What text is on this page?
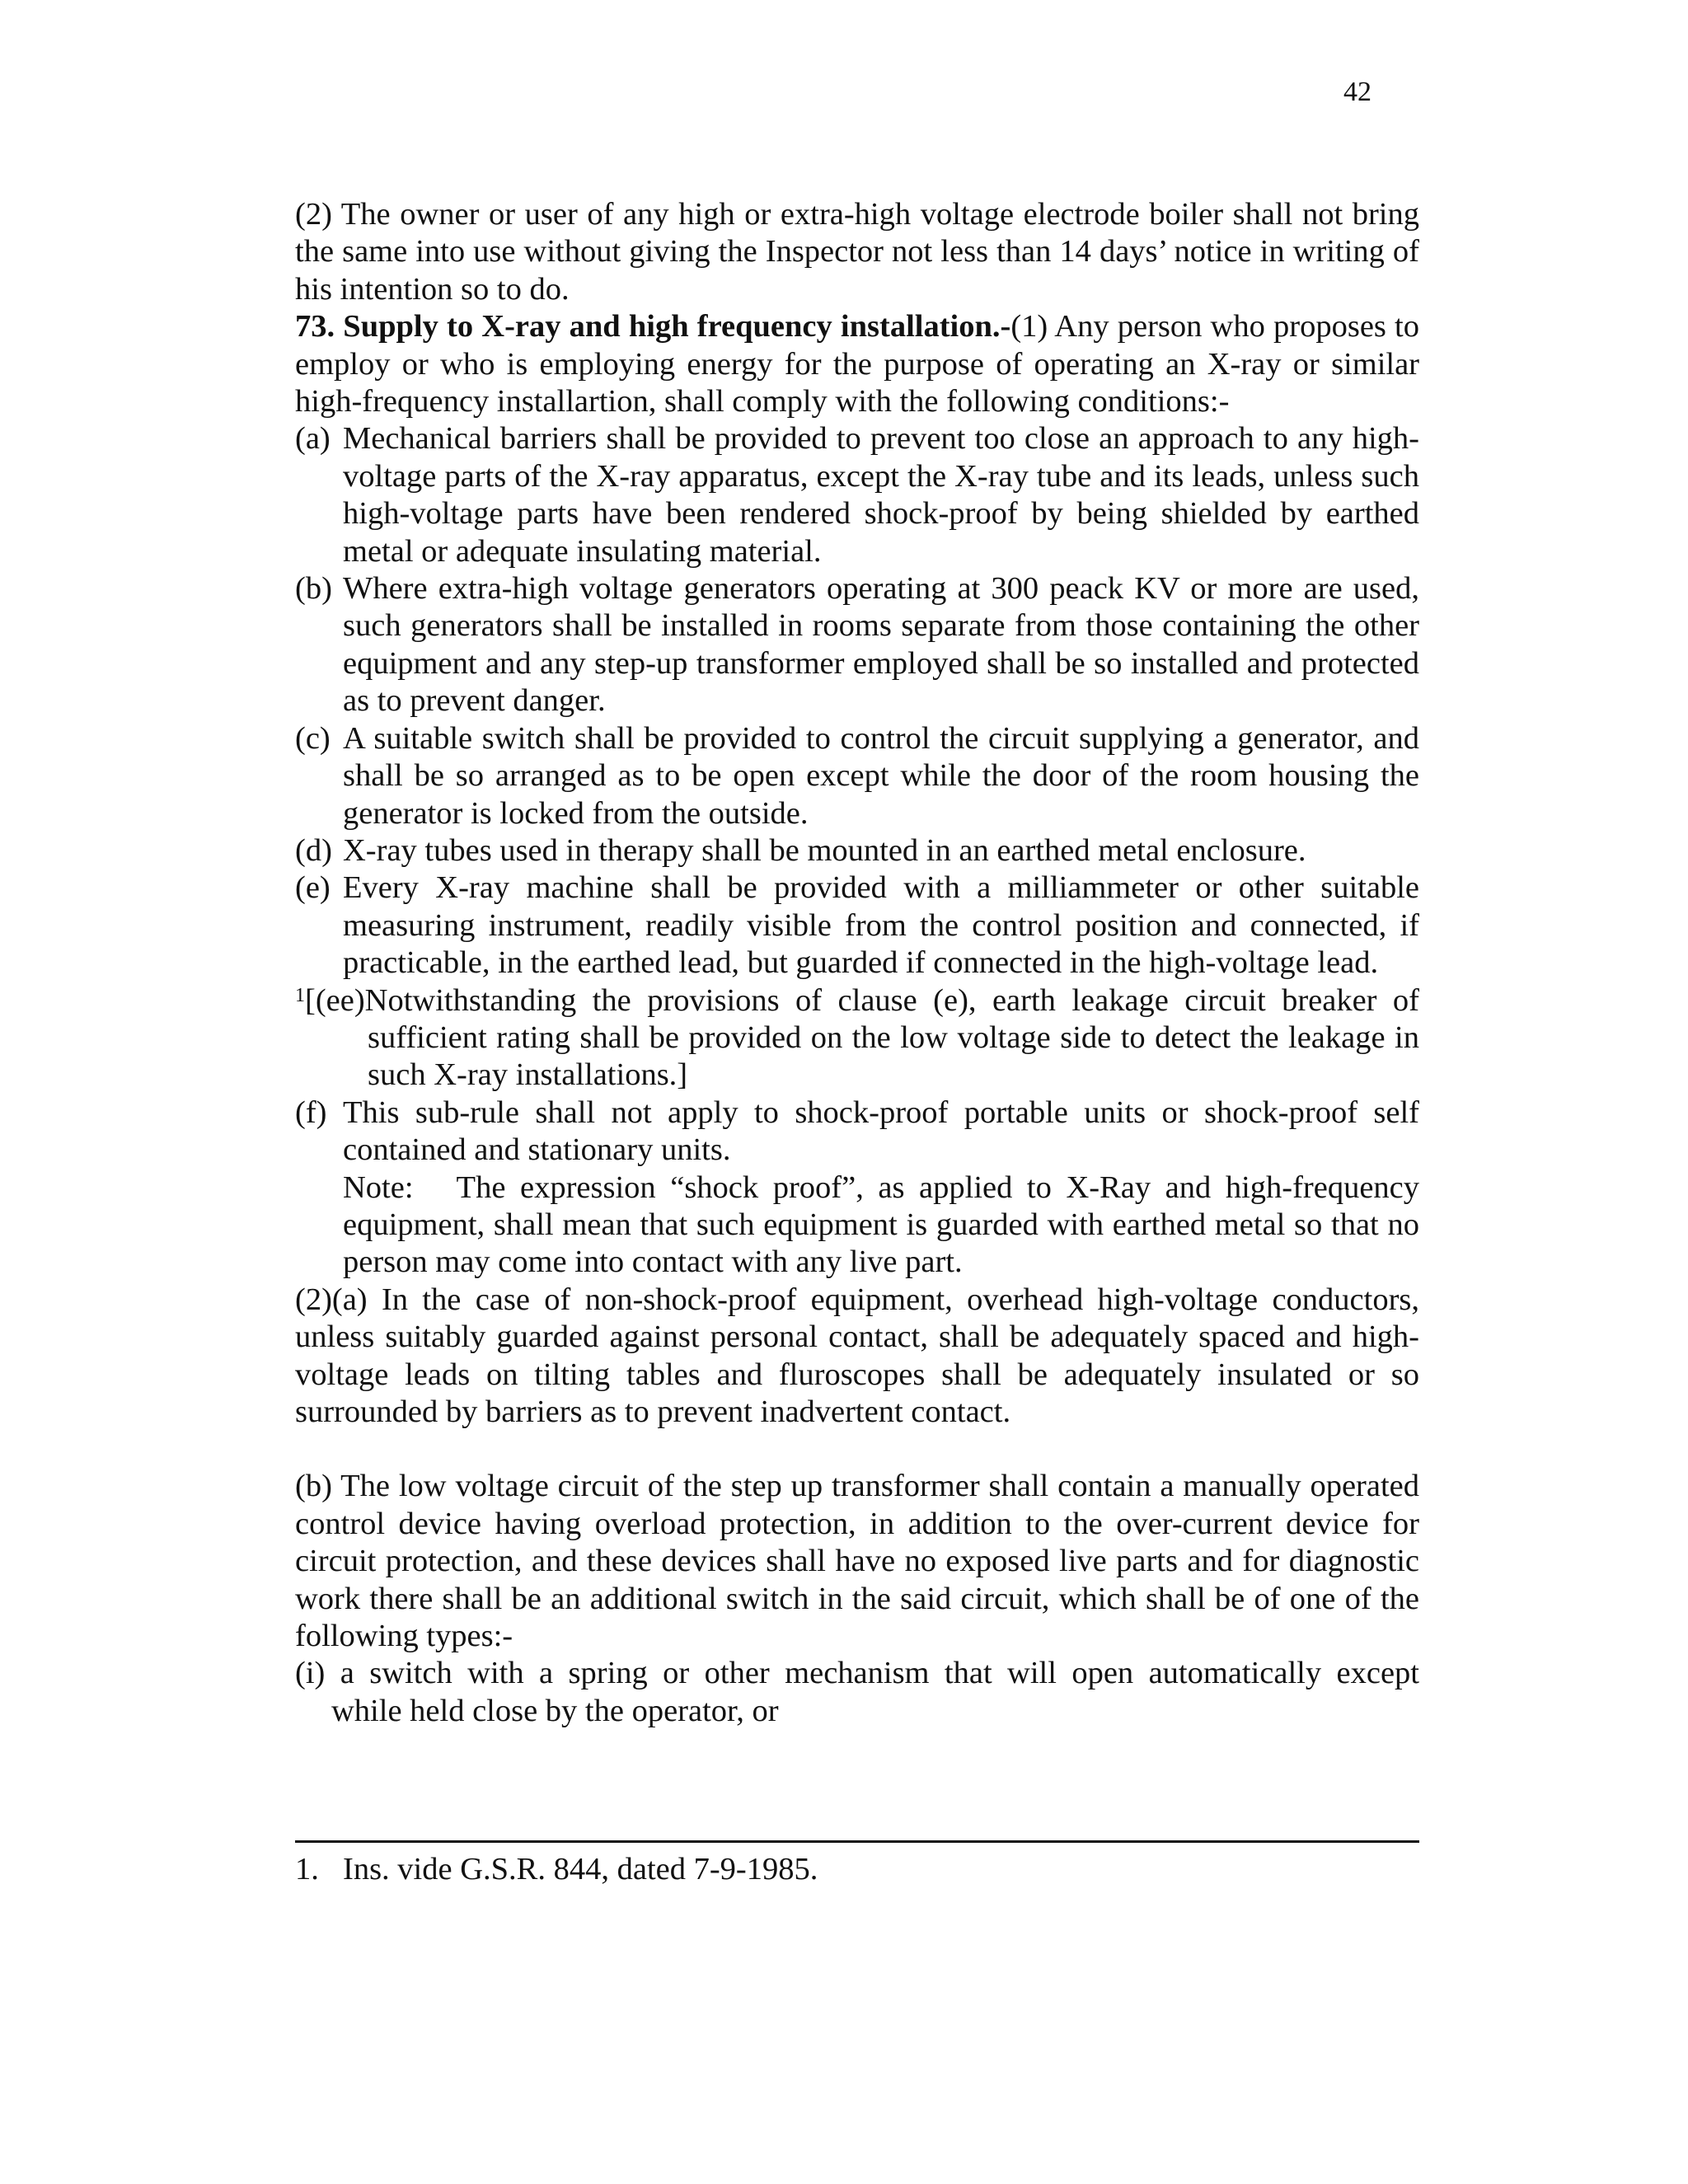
42

(2) The owner or user of any high or extra-high voltage electrode boiler shall not bring the same into use without giving the Inspector not less than 14 days’ notice in writing of his intention so to do.

73. Supply to X-ray and high frequency installation.-(1) Any person who proposes to employ or who is employing energy for the purpose of operating an X-ray or similar high-frequency installartion, shall comply with the following conditions:-

(a) Mechanical barriers shall be provided to prevent too close an approach to any high-voltage parts of the X-ray apparatus, except the X-ray tube and its leads, unless such high-voltage parts have been rendered shock-proof by being shielded by earthed metal or adequate insulating material.
(b) Where extra-high voltage generators operating at 300 peack KV or more are used, such generators shall be installed in rooms separate from those containing the other equipment and any step-up transformer employed shall be so installed and protected as to prevent danger.
(c) A suitable switch shall be provided to control the circuit supplying a generator, and shall be so arranged as to be open except while the door of the room housing the generator is locked from the outside.
(d) X-ray tubes used in therapy shall be mounted in an earthed metal enclosure.
(e) Every X-ray machine shall be provided with a milliammeter or other suitable measuring instrument, readily visible from the control position and connected, if practicable, in the earthed lead, but guarded if connected in the high-voltage lead.

$^1$[(ee)Notwithstanding the provisions of clause (e), earth leakage circuit breaker of

sufficient rating shall be provided on the low voltage side to detect the leakage in such X-ray installations.]

(f) This sub-rule shall not apply to shock-proof portable units or shock-proof self contained and stationary units.

Note:   The expression “shock proof”, as applied to X-Ray and high-frequency equipment, shall mean that such equipment is guarded with earthed metal so that no person may come into contact with any live part.

(2)(a) In the case of non-shock-proof equipment, overhead high-voltage conductors, unless suitably guarded against personal contact, shall be adequately spaced and high-voltage leads on tilting tables and fluroscopes shall be adequately insulated or so surrounded by barriers as to prevent inadvertent contact.

(b) The low voltage circuit of the step up transformer shall contain a manually operated control device having overload protection, in addition to the over-current device for circuit protection, and these devices shall have no exposed live parts and for diagnostic work there shall be an additional switch in the said circuit, which shall be of one of the following types:-

(i) a switch with a spring or other mechanism that will open automatically except

while held close by the operator, or

1. Ins. vide G.S.R. 844, dated 7-9-1985.
